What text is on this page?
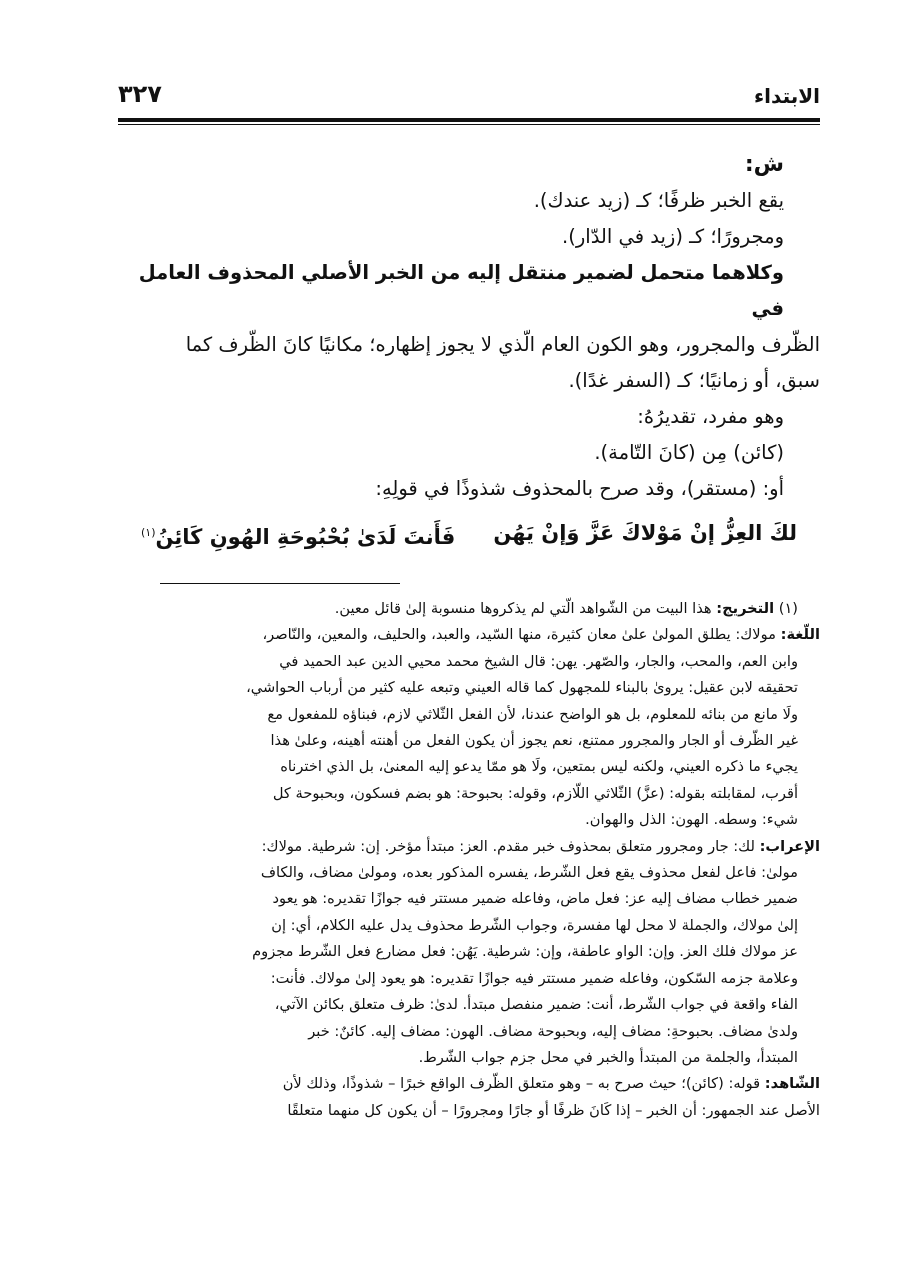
الابتداء
٣٢٧

ش:

يقع الخبر ظرفًا؛ كـ (زيد عندك).

ومجرورًا؛ كـ (زيد في الدّار).

وكلاهما متحمل لضمير منتقل إليه من الخبر الأصلي المحذوف العامل في

الظّرف والمجرور، وهو الكون العام الّذي لا يجوز إظهاره؛ مكانيًا كانَ الظّرف كما

سبق، أو زمانيًا؛ كـ (السفر غدًا).

وهو مفرد، تقديرُهُ:

(كائن) مِن (كانَ التّامة).

أو: (مستقر)، وقد صرح بالمحذوف شذوذًا في قولِهِ:

لكَ العِزُّ إنْ مَوْلاكَ عَزَّ وَإنْ يَهُن
فَأَنتَ لَدَىٰ بُحْبُوحَةِ الهُونِ كَائِنُ$^{(١)}$

(١) التخريج: هذا البيت من الشّواهد الّتي لم يذكروها منسوبة إلىٰ قائل معين.

اللّغة: مولاك: يطلق المولىٰ علىٰ معان كثيرة، منها السّيد، والعبد، والحليف، والمعين، والنّاصر،
وابن العم، والمحب، والجار، والصّهر. يهن: قال الشيخ محمد محيي الدين عبد الحميد في
تحقيقه لابن عقيل: يرویٰ بالبناء للمجهول كما قاله العيني وتبعه عليه كثير من أرباب الحواشي،
ولَا مانع من بنائه للمعلوم، بل هو الواضح عندنا، لأن الفعل الثّلاثي لازم، فبناؤه للمفعول مع
غير الظّرف أو الجار والمجرور ممتنع، نعم يجوز أن يكون الفعل من أهنته أهينه، وعلىٰ هذا
يجيء ما ذكره العيني، ولكنه ليس بمتعين، ولَا هو ممّا يدعو إليه المعنىٰ، بل الذي اخترناه
أقرب، لمقابلته بقوله: (عزَّ) الثّلاثي اللّازم، وقوله: بحبوحة: هو بضم فسكون، وبحبوحة كل
شيء: وسطه. الهون: الذل والهوان.
الإعراب: لك: جار ومجرور متعلق بمحذوف خبر مقدم. العز: مبتدأ مؤخر. إن: شرطية. مولاك:
مولىٰ: فاعل لفعل محذوف يقع فعل الشّرط، يفسره المذكور بعده، ومولىٰ مضاف، والكاف
ضمير خطاب مضاف إليه عز: فعل ماض، وفاعله ضمير مستتر فيه جوازًا تقديره: هو يعود
إلىٰ مولاك، والجملة لا محل لها مفسرة، وجواب الشّرط محذوف يدل عليه الكلام، أي: إن
عز مولاك فلك العز. وإن: الواو عاطفة، وإن: شرطية. يَهُن: فعل مضارع فعل الشّرط مجزوم
وعلامة جزمه السّكون، وفاعله ضمير مستتر فيه جوازًا تقديره: هو يعود إلىٰ مولاك. فأنت:
الفاء واقعة في جواب الشّرط، أنت: ضمير منفصل مبتدأ. لدىٰ: ظرف متعلق بكائن الآتي،
ولدىٰ مضاف. بحبوحةِ: مضاف إليه، وبحبوحة مضاف. الهون: مضاف إليه. كائنٌ: خبر
المبتدأ، والجلمة من المبتدأ والخبر في محل جزم جواب الشّرط.
الشّاهد: قوله: (كائن)؛ حيث صرح به – وهو متعلق الظّرف الواقع خبرًا – شذوذًا، وذلك لأن
الأصل عند الجمهور: أن الخبر – إذا كَانَ ظرفًا أو جارًا ومجرورًا – أن يكون كل منهما متعلقًا
